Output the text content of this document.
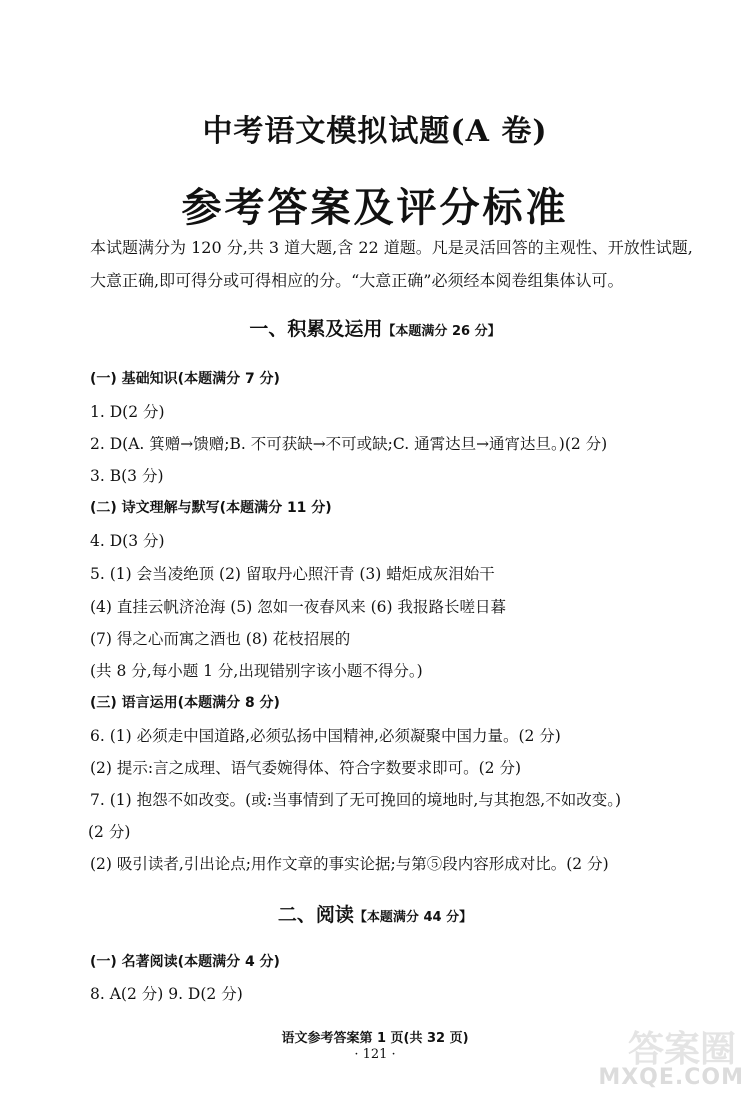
中考语文模拟试题(A 卷)
参考答案及评分标准
本试题满分为 120 分,共 3 道大题,含 22 道题。凡是灵活回答的主观性、开放性试题,
大意正确,即可得分或可得相应的分。“大意正确”必须经本阅卷组集体认可。
一、积累及运用【本题满分 26 分】
(一) 基础知识(本题满分 7 分)
1. D(2 分)
2. D(A. 箕赠→馈赠;B. 不可获缺→不可或缺;C. 通霄达旦→通宵达旦。)(2 分)
3. B(3 分)
(二) 诗文理解与默写(本题满分 11 分)
4. D(3 分)
5. (1) 会当凌绝顶 (2) 留取丹心照汗青 (3) 蜡炬成灰泪始干
(4) 直挂云帆济沧海 (5) 忽如一夜春风来 (6) 我报路长嗟日暮
(7) 得之心而寓之酒也 (8) 花枝招展的
(共 8 分,每小题 1 分,出现错别字该小题不得分。)
(三) 语言运用(本题满分 8 分)
6. (1) 必须走中国道路,必须弘扬中国精神,必须凝聚中国力量。(2 分)
(2) 提示:言之成理、语气委婉得体、符合字数要求即可。(2 分)
7. (1) 抱怨不如改变。(或:当事情到了无可挽回的境地时,与其抱怨,不如改变。)
(2 分)
(2) 吸引读者,引出论点;用作文章的事实论据;与第⑤段内容形成对比。(2 分)
二、阅读【本题满分 44 分】
(一) 名著阅读(本题满分 4 分)
8. A(2 分) 9. D(2 分)
语文参考答案第 1 页(共 32 页)
· 121 ·	答案圈
MXQE.COM
